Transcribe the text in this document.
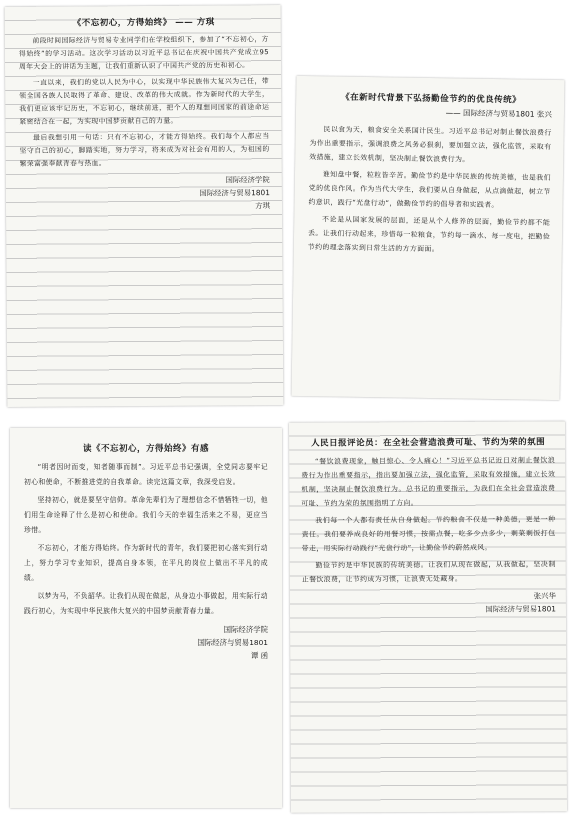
《不忘初心，方得始终》 —— 方琪

前段时间国际经济与贸易专业同学们在学校组织下，参加了“不忘初心，方得始终”的学习活动。这次学习活动以习近平总书记在庆祝中国共产党成立95周年大会上的讲话为主题，让我们重新认识了中国共产党的历史和初心。

一直以来，我们的党以人民为中心，以实现中华民族伟大复兴为己任，带领全国各族人民取得了革命、建设、改革的伟大成就。作为新时代的大学生，我们更应该牢记历史，不忘初心，继续前进，把个人的理想同国家的前途命运紧密结合在一起，为实现中国梦贡献自己的力量。

最后我想引用一句话：只有不忘初心，才能方得始终。我们每个人都应当坚守自己的初心，脚踏实地，努力学习，将来成为对社会有用的人，为祖国的繁荣富强奉献青春与热血。

国际经济学院
国际经济与贸易1801
方琪
《在新时代背景下弘扬勤俭节约的优良传统》
—— 国际经济与贸易1801 张兴

民以食为天，粮食安全关系国计民生。习近平总书记对制止餐饮浪费行为作出重要指示，强调浪费之风务必狠刹，要加强立法，强化监管，采取有效措施，建立长效机制，坚决制止餐饮浪费行为。

谁知盘中餐，粒粒皆辛苦。勤俭节约是中华民族的传统美德，也是我们党的优良作风。作为当代大学生，我们要从自身做起，从点滴做起，树立节约意识，践行“光盘行动”，做勤俭节约的倡导者和实践者。

不论是从国家发展的层面，还是从个人修养的层面，勤俭节约都不能丢。让我们行动起来，珍惜每一粒粮食，节约每一滴水、每一度电，把勤俭节约的理念落实到日常生活的方方面面。

读《不忘初心，方得始终》有感

“明者因时而变，知者随事而制”。习近平总书记强调，全党同志要牢记初心和使命，不断推进党的自我革命。读完这篇文章，我深受启发。

坚持初心，就是要坚守信仰。革命先辈们为了理想信念不惜牺牲一切，他们用生命诠释了什么是初心和使命。我们今天的幸福生活来之不易，更应当珍惜。

不忘初心，才能方得始终。作为新时代的青年，我们要把初心落实到行动上，努力学习专业知识，提高自身本领，在平凡的岗位上做出不平凡的成绩。

以梦为马，不负韶华。让我们从现在做起，从身边小事做起，用实际行动践行初心，为实现中华民族伟大复兴的中国梦贡献青春力量。

国际经济学院
国际经济与贸易1801
谭 函
人民日报评论员：在全社会营造浪费可耻、节约为荣的氛围

“餐饮浪费现象，触目惊心、令人痛心！”习近平总书记近日对制止餐饮浪费行为作出重要指示，指出要加强立法，强化监管，采取有效措施，建立长效机制，坚决制止餐饮浪费行为。总书记的重要指示，为我们在全社会营造浪费可耻、节约为荣的氛围指明了方向。

我们每一个人都有责任从自身做起。节约粮食不仅是一种美德，更是一种责任。我们要养成良好的用餐习惯，按需点餐，吃多少点多少，剩菜剩饭打包带走，用实际行动践行“光盘行动”，让勤俭节约蔚然成风。

勤俭节约是中华民族的传统美德。让我们从现在做起，从我做起，坚决制止餐饮浪费，让节约成为习惯，让浪费无处藏身。

张兴华
国际经济与贸易1801
